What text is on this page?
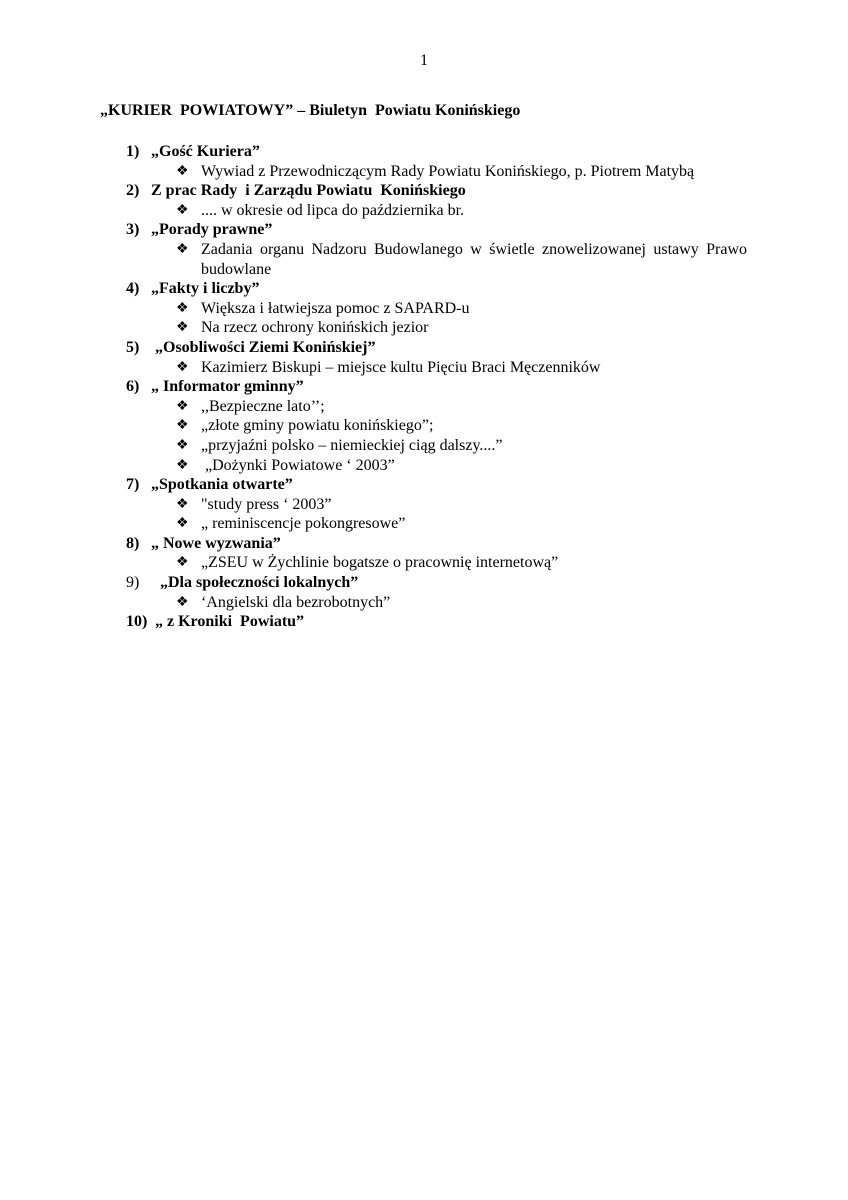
1
„KURIER  POWIATOWY” – Biuletyn  Powiatu Konińskiego
1) „Gość Kuriera”
❖ Wywiad z Przewodniczącym Rady Powiatu Konińskiego, p. Piotrem Matybą
2) Z prac Rady  i Zarządu Powiatu  Konińskiego
❖ .... w okresie od lipca do października br.
3) „Porady prawne”
❖ Zadania organu Nadzoru Budowlanego w świetle znowelizowanej ustawy Prawo budowlane
4) „Fakty i liczby”
❖ Większa i łatwiejsza pomoc z SAPARD-u
❖ Na rzecz ochrony konińskich jezior
5) „Osobliwości Ziemi Konińskiej”
❖ Kazimierz Biskupi – miejsce kultu Pięciu Braci Męczenników
6) „ Informator gminny”
❖ ,,Bezpieczne lato’’;
❖ „złote gminy powiatu konińskiego”;
❖ „przyjaźni polsko – niemieckiej ciąg dalszy....”
❖ „Dożynki Powiatowe ‘ 2003”
7) „Spotkania otwarte”
❖ "study press ‘ 2003”
❖ „ reminiscencje pokongresowe”
8) „ Nowe wyzwania”
❖ „ZSEU w Żychlinie bogatsze o pracownię internetową”
9) „Dla społeczności lokalnych”
❖ ‘Angielski dla bezrobotnych”
10) „ z Kroniki  Powiatu”
